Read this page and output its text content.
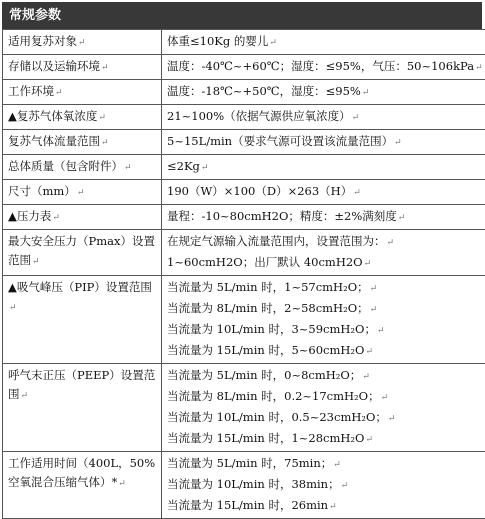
常规参数
适用复苏对象↵	体重≤10Kg 的婴儿↵

存储以及运输环境↵	温度：-40℃~+60℃；湿度：≤95%，气压：50~106kPa↵

工作环境↵	温度：-18℃~+50℃，湿度：≤95%↵

▲复苏气体氧浓度↵	21~100%（依据气源供应氧浓度）↵

复苏气体流量范围↵	5~15L/min（要求气源可设置该流量范围）↵

总体质量（包含附件）↵	≤2Kg↵

尺寸（mm）↵	190（W）×100（D）×263（H）↵

▲压力表↵	量程：-10~80cmH2O；精度：±2%满刻度↵

最大安全压力（Pmax）设置范围↵	在规定气源输入流量范围内，设置范围为：↵
1~60cmH2O；出厂默认 40cmH2O↵

▲吸气峰压（PIP）设置范围↵	当流量为 5L/min 时，1~57cmH₂O；↵
当流量为 8L/min 时，2~58cmH₂O；↵
当流量为 10L/min 时，3~59cmH₂O；↵
当流量为 15L/min 时，5~60cmH₂O↵

呼气末正压（PEEP）设置范围↵	当流量为 5L/min 时，0~8cmH₂O；↵
当流量为 8L/min 时，0.2~17cmH₂O；↵
当流量为 10L/min 时，0.5~23cmH₂O；↵
当流量为 15L/min 时，1~28cmH₂O↵

工作适用时间（400L，50%空氧混合压缩气体）*↵	当流量为 5L/min 时，75min；↵
当流量为 10L/min 时，38min；↵
当流量为 15L/min 时，26min↵
